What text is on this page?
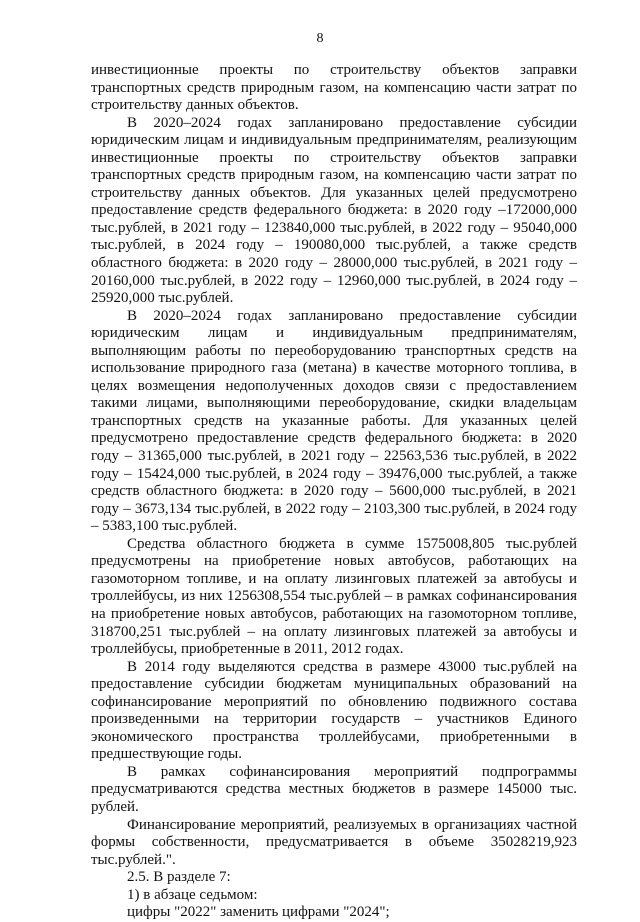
8

инвестиционные проекты по строительству объектов заправки транспортных средств природным газом, на компенсацию части затрат по строительству данных объектов.

В 2020–2024 годах запланировано предоставление субсидии юридическим лицам и индивидуальным предпринимателям, реализующим инвестиционные проекты по строительству объектов заправки транспортных средств природным газом, на компенсацию части затрат по строительству данных объектов. Для указанных целей предусмотрено предоставление средств федерального бюджета: в 2020 году –172000,000 тыс.рублей, в 2021 году – 123840,000 тыс.рублей, в 2022 году – 95040,000 тыс.рублей, в 2024 году – 190080,000 тыс.рублей, а также средств областного бюджета: в 2020 году – 28000,000 тыс.рублей, в 2021 году – 20160,000 тыс.рублей, в 2022 году – 12960,000 тыс.рублей, в 2024 году – 25920,000 тыс.рублей.

В 2020–2024 годах запланировано предоставление субсидии юридическим лицам и индивидуальным предпринимателям, выполняющим работы по переоборудованию транспортных средств на использование природного газа (метана) в качестве моторного топлива, в целях возмещения недополученных доходов связи с предоставлением такими лицами, выполняющими переоборудование, скидки владельцам транспортных средств на указанные работы. Для указанных целей предусмотрено предоставление средств федерального бюджета: в 2020 году – 31365,000 тыс.рублей, в 2021 году – 22563,536 тыс.рублей, в 2022 году – 15424,000 тыс.рублей, в 2024 году – 39476,000 тыс.рублей, а также средств областного бюджета: в 2020 году – 5600,000 тыс.рублей, в 2021 году – 3673,134 тыс.рублей, в 2022 году – 2103,300 тыс.рублей, в 2024 году – 5383,100 тыс.рублей.

Средства областного бюджета в сумме 1575008,805 тыс.рублей предусмотрены на приобретение новых автобусов, работающих на газомоторном топливе, и на оплату лизинговых платежей за автобусы и троллейбусы, из них 1256308,554 тыс.рублей – в рамках софинансирования на приобретение новых автобусов, работающих на газомоторном топливе, 318700,251 тыс.рублей – на оплату лизинговых платежей за автобусы и троллейбусы, приобретенные в 2011, 2012 годах.

В 2014 году выделяются средства в размере 43000 тыс.рублей на предоставление субсидии бюджетам муниципальных образований на софинансирование мероприятий по обновлению подвижного состава произведенными на территории государств – участников Единого экономического пространства троллейбусами, приобретенными в предшествующие годы.

В рамках софинансирования мероприятий подпрограммы предусматриваются средства местных бюджетов в размере 145000 тыс. рублей.

Финансирование мероприятий, реализуемых в организациях частной формы собственности, предусматривается в объеме 35028219,923 тыс.рублей.".

2.5. В разделе 7:

1) в абзаце седьмом:

цифры "2022" заменить цифрами "2024";
